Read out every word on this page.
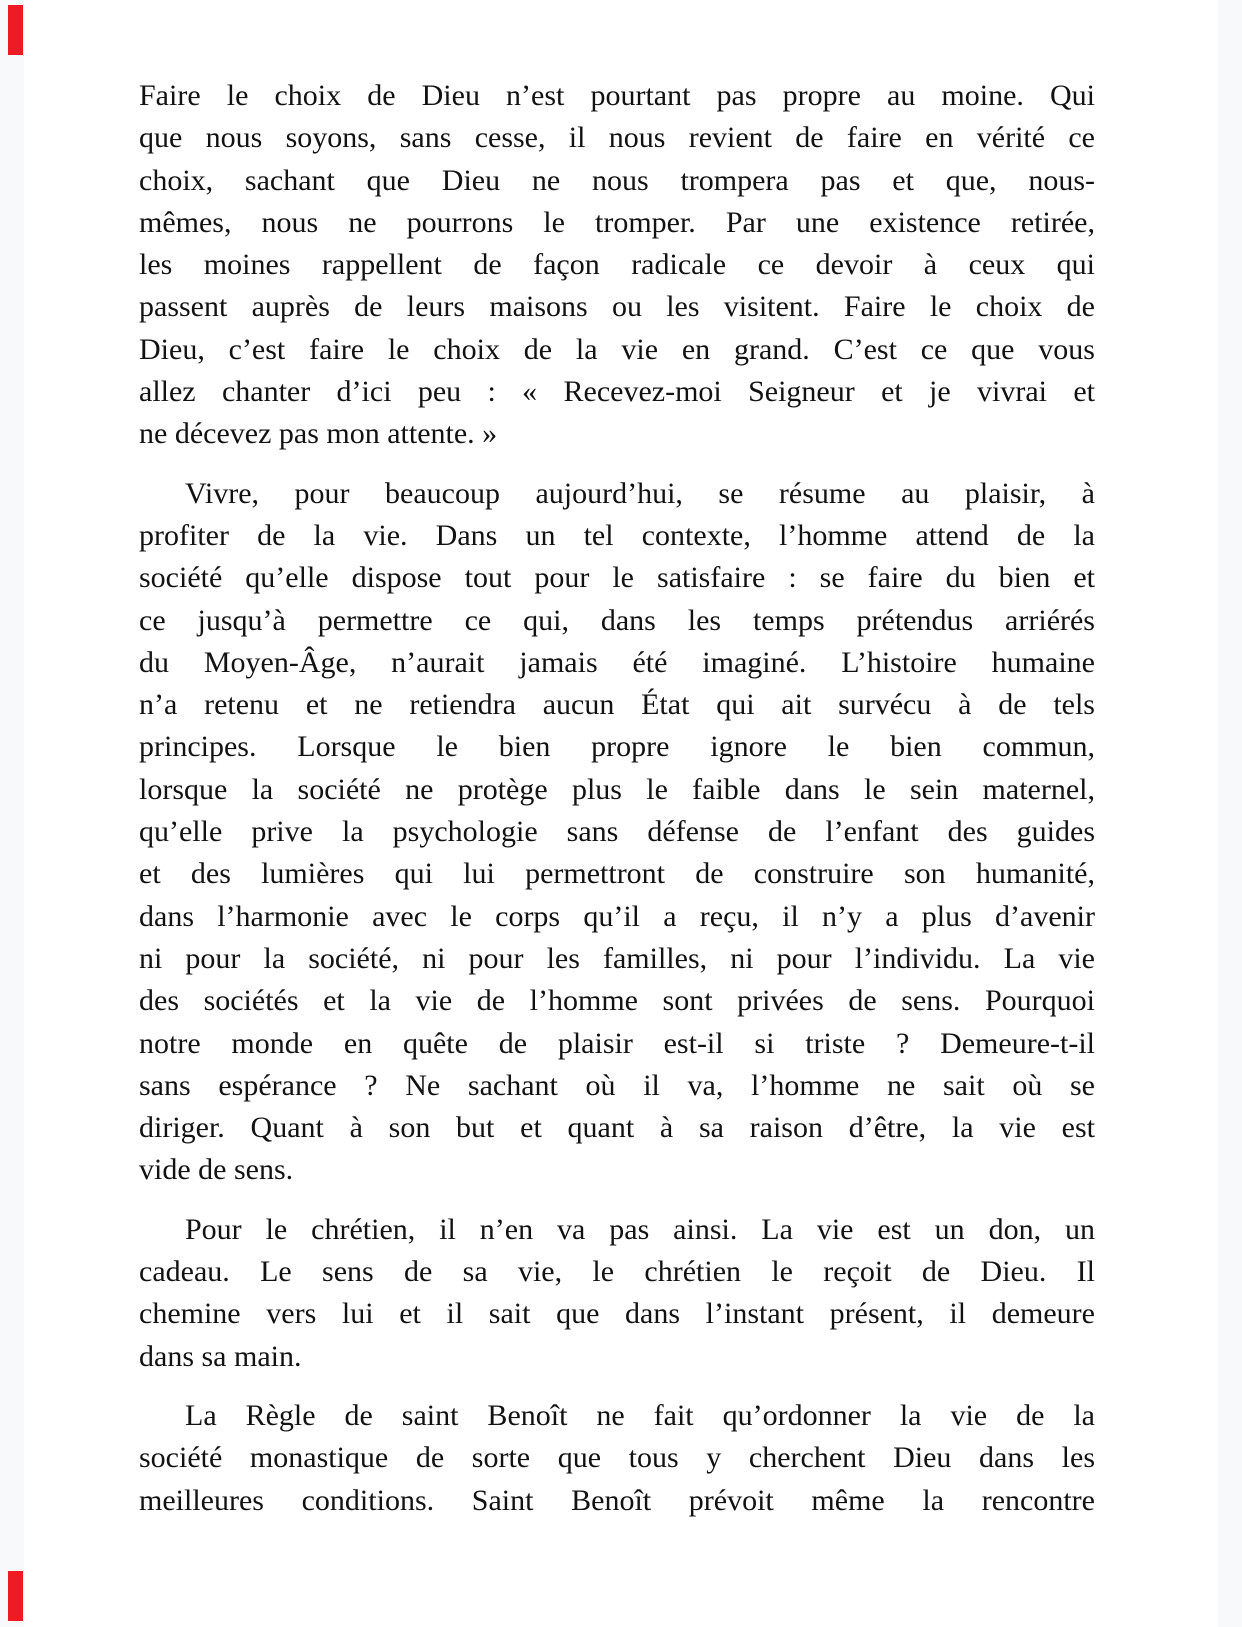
Faire le choix de Dieu n’est pourtant pas propre au moine. Qui
que nous soyons, sans cesse, il nous revient de faire en vérité ce
choix, sachant que Dieu ne nous trompera pas et que, nous-
mêmes, nous ne pourrons le tromper. Par une existence retirée,
les moines rappellent de façon radicale ce devoir à ceux qui
passent auprès de leurs maisons ou les visitent. Faire le choix de
Dieu, c’est faire le choix de la vie en grand. C’est ce que vous
allez chanter d’ici peu : « Recevez-moi Seigneur et je vivrai et
ne décevez pas mon attente. »
Vivre, pour beaucoup aujourd’hui, se résume au plaisir, à
profiter de la vie. Dans un tel contexte, l’homme attend de la
société qu’elle dispose tout pour le satisfaire : se faire du bien et
ce jusqu’à permettre ce qui, dans les temps prétendus arriérés
du Moyen-Âge, n’aurait jamais été imaginé. L’histoire humaine
n’a retenu et ne retiendra aucun État qui ait survécu à de tels
principes. Lorsque le bien propre ignore le bien commun,
lorsque la société ne protège plus le faible dans le sein maternel,
qu’elle prive la psychologie sans défense de l’enfant des guides
et des lumières qui lui permettront de construire son humanité,
dans l’harmonie avec le corps qu’il a reçu, il n’y a plus d’avenir
ni pour la société, ni pour les familles, ni pour l’individu. La vie
des sociétés et la vie de l’homme sont privées de sens. Pourquoi
notre monde en quête de plaisir est-il si triste ? Demeure-t-il
sans espérance ? Ne sachant où il va, l’homme ne sait où se
diriger. Quant à son but et quant à sa raison d’être, la vie est
vide de sens.
Pour le chrétien, il n’en va pas ainsi. La vie est un don, un
cadeau. Le sens de sa vie, le chrétien le reçoit de Dieu. Il
chemine vers lui et il sait que dans l’instant présent, il demeure
dans sa main.
La Règle de saint Benoît ne fait qu’ordonner la vie de la
société monastique de sorte que tous y cherchent Dieu dans les
meilleures conditions. Saint Benoît prévoit même la rencontre
